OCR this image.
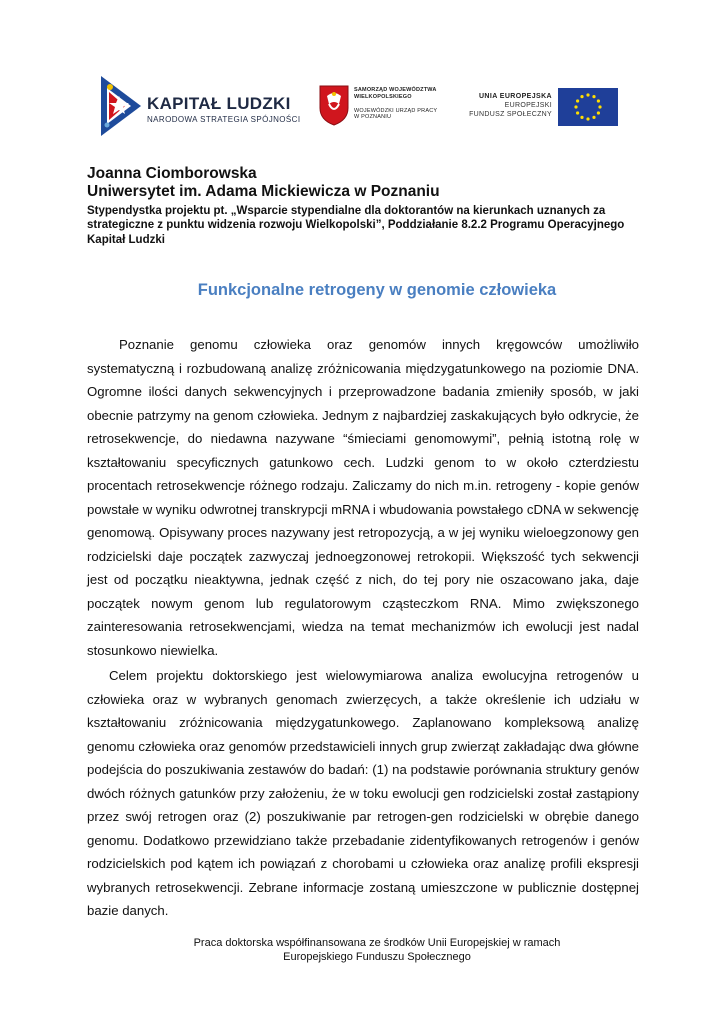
KAPITAŁ LUDZKI
NARODOWA STRATEGIA SPÓJNOŚCI
SAMORZĄD WOJEWÓDZTWA
WIELKOPOLSKIEGO
WOJEWÓDZKI URZĄD PRACY
W POZNANIU
UNIA EUROPEJSKA
EUROPEJSKI
FUNDUSZ SPOŁECZNY

Joanna Ciomborowska

Uniwersytet im. Adama Mickiewicza w Poznaniu

Stypendystka projektu pt. „Wsparcie stypendialne dla doktorantów na kierunkach uznanych za strategiczne z punktu widzenia rozwoju Wielkopolski”, Poddziałanie 8.2.2 Programu Operacyjnego Kapitał Ludzki

Funkcjonalne retrogeny w genomie człowieka

Poznanie genomu człowieka oraz genomów innych kręgowców umożliwiło systematyczną i rozbudowaną analizę zróżnicowania międzygatunkowego na poziomie DNA. Ogromne ilości danych sekwencyjnych i przeprowadzone badania zmieniły sposób, w jaki obecnie patrzymy na genom człowieka. Jednym z najbardziej zaskakujących było odkrycie, że retrosekwencje, do niedawna nazywane “śmieciami genomowymi”, pełnią istotną rolę w kształtowaniu specyficznych gatunkowo cech. Ludzki genom to w około czterdziestu procentach retrosekwencje różnego rodzaju. Zaliczamy do nich m.in. retrogeny - kopie genów powstałe w wyniku odwrotnej transkrypcji mRNA i wbudowania powstałego cDNA w sekwencję genomową. Opisywany proces nazywany jest retropozycją, a w jej wyniku wieloegzonowy gen rodzicielski daje początek zazwyczaj jednoegzonowej retrokopii. Większość tych sekwencji jest od początku nieaktywna, jednak część z nich, do tej pory nie oszacowano jaka, daje początek nowym genom lub regulatorowym cząsteczkom RNA. Mimo zwiększonego zainteresowania retrosekwencjami, wiedza na temat mechanizmów ich ewolucji jest nadal stosunkowo niewielka.

Celem projektu doktorskiego jest wielowymiarowa analiza ewolucyjna retrogenów u człowieka oraz w wybranych genomach zwierzęcych, a także określenie ich udziału w kształtowaniu zróżnicowania międzygatunkowego. Zaplanowano kompleksową analizę genomu człowieka oraz genomów przedstawicieli innych grup zwierząt zakładając dwa główne podejścia do poszukiwania zestawów do badań: (1) na podstawie porównania struktury genów dwóch różnych gatunków przy założeniu, że w toku ewolucji gen rodzicielski został zastąpiony przez swój retrogen oraz (2) poszukiwanie par retrogen-gen rodzicielski w obrębie danego genomu. Dodatkowo przewidziano także przebadanie zidentyfikowanych retrogenów i genów rodzicielskich pod kątem ich powiązań z chorobami u człowieka oraz analizę profili ekspresji wybranych retrosekwencji. Zebrane informacje zostaną umieszczone w publicznie dostępnej bazie danych.

Praca doktorska współfinansowana ze środków Unii Europejskiej w ramach

Europejskiego Funduszu Społecznego
